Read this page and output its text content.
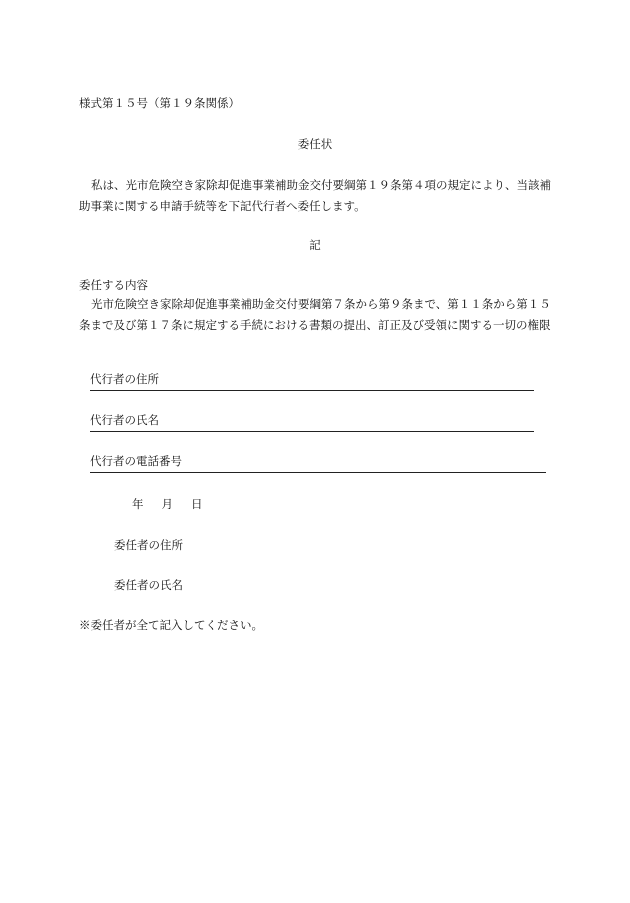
様式第１５号（第１９条関係）
委任状
私は、光市危険空き家除却促進事業補助金交付要綱第１９条第４項の規定により、当該補助事業に関する申請手続等を下記代行者へ委任します。
記
委任する内容
光市危険空き家除却促進事業補助金交付要綱第７条から第９条まで、第１１条から第１５条まで及び第１７条に規定する手続における書類の提出、訂正及び受領に関する一切の権限
代行者の住所
代行者の氏名
代行者の電話番号
年 月 日
委任者の住所
委任者の氏名
※委任者が全て記入してください。
